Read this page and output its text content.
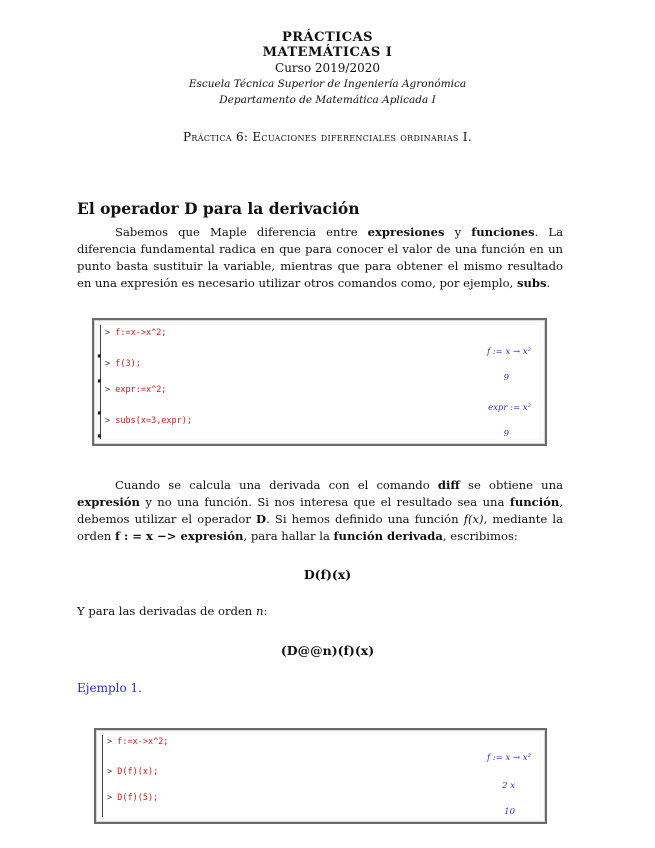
PRÁCTICAS
MATEMÁTICAS I
Curso 2019/2020
Escuela Técnica Superior de Ingeniería Agronómica
Departamento de Matemática Aplicada I
Práctica 6: Ecuaciones diferenciales ordinarias I.
El operador D para la derivación
Sabemos que Maple diferencia entre expresiones y funciones. La diferencia fundamental radica en que para conocer el valor de una función en un punto basta sustituir la variable, mientras que para obtener el mismo resultado en una expresión es necesario utilizar otros comandos como, por ejemplo, subs.
> f:=x->x^2;
f := x → x²
▪
> f(3);
9
▪
> expr:=x^2;
expr := x²
▪
> subs(x=3,expr);
9
▪
Cuando se calcula una derivada con el comando diff se obtiene una expresión y no una función. Si nos interesa que el resultado sea una función, debemos utilizar el operador D. Si hemos definido una función f(x), mediante la orden f : = x −> expresión, para hallar la función derivada, escribimos:
D(f)(x)
Y para las derivadas de orden n:
(D@@n)(f)(x)
Ejemplo 1.
> f:=x->x^2;
f := x → x²
> D(f)(x);
2 x
> D(f)(5);
10
